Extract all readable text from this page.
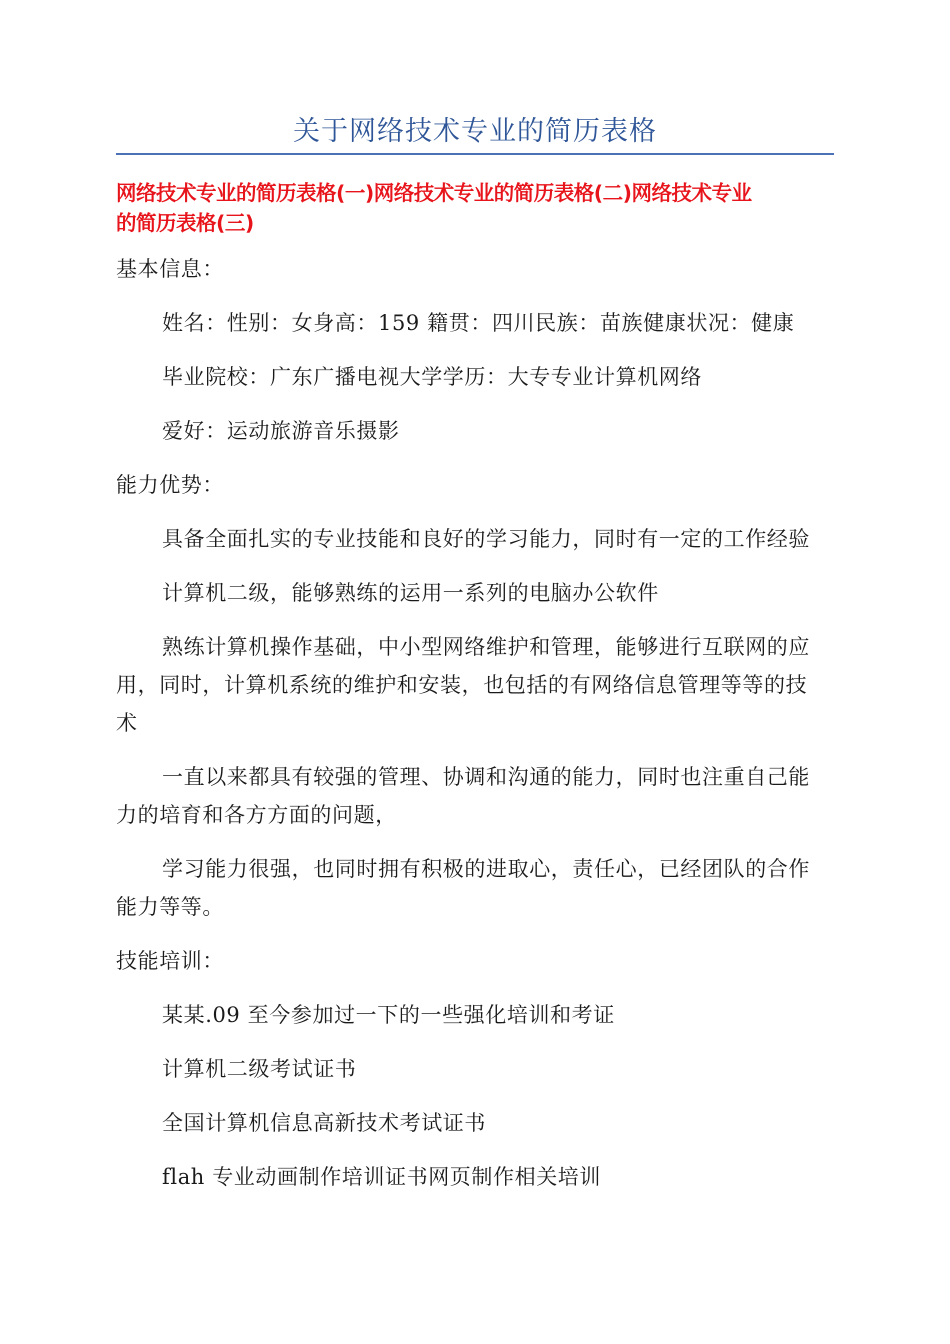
关于网络技术专业的简历表格
网络技术专业的简历表格(一)网络技术专业的简历表格(二)网络技术专业
的简历表格(三)
基本信息：
姓名：性别：女身高：159 籍贯：四川民族：苗族健康状况：健康
毕业院校：广东广播电视大学学历：大专专业计算机网络
爱好：运动旅游音乐摄影
能力优势：
具备全面扎实的专业技能和良好的学习能力，同时有一定的工作经验
计算机二级，能够熟练的运用一系列的电脑办公软件
熟练计算机操作基础，中小型网络维护和管理，能够进行互联网的应
用，同时，计算机系统的维护和安装，也包括的有网络信息管理等等的技
术
一直以来都具有较强的管理、协调和沟通的能力，同时也注重自己能
力的培育和各方方面的问题，
学习能力很强，也同时拥有积极的进取心，责任心，已经团队的合作
能力等等。
技能培训：
某某.09 至今参加过一下的一些强化培训和考证
计算机二级考试证书
全国计算机信息高新技术考试证书
flah 专业动画制作培训证书网页制作相关培训
